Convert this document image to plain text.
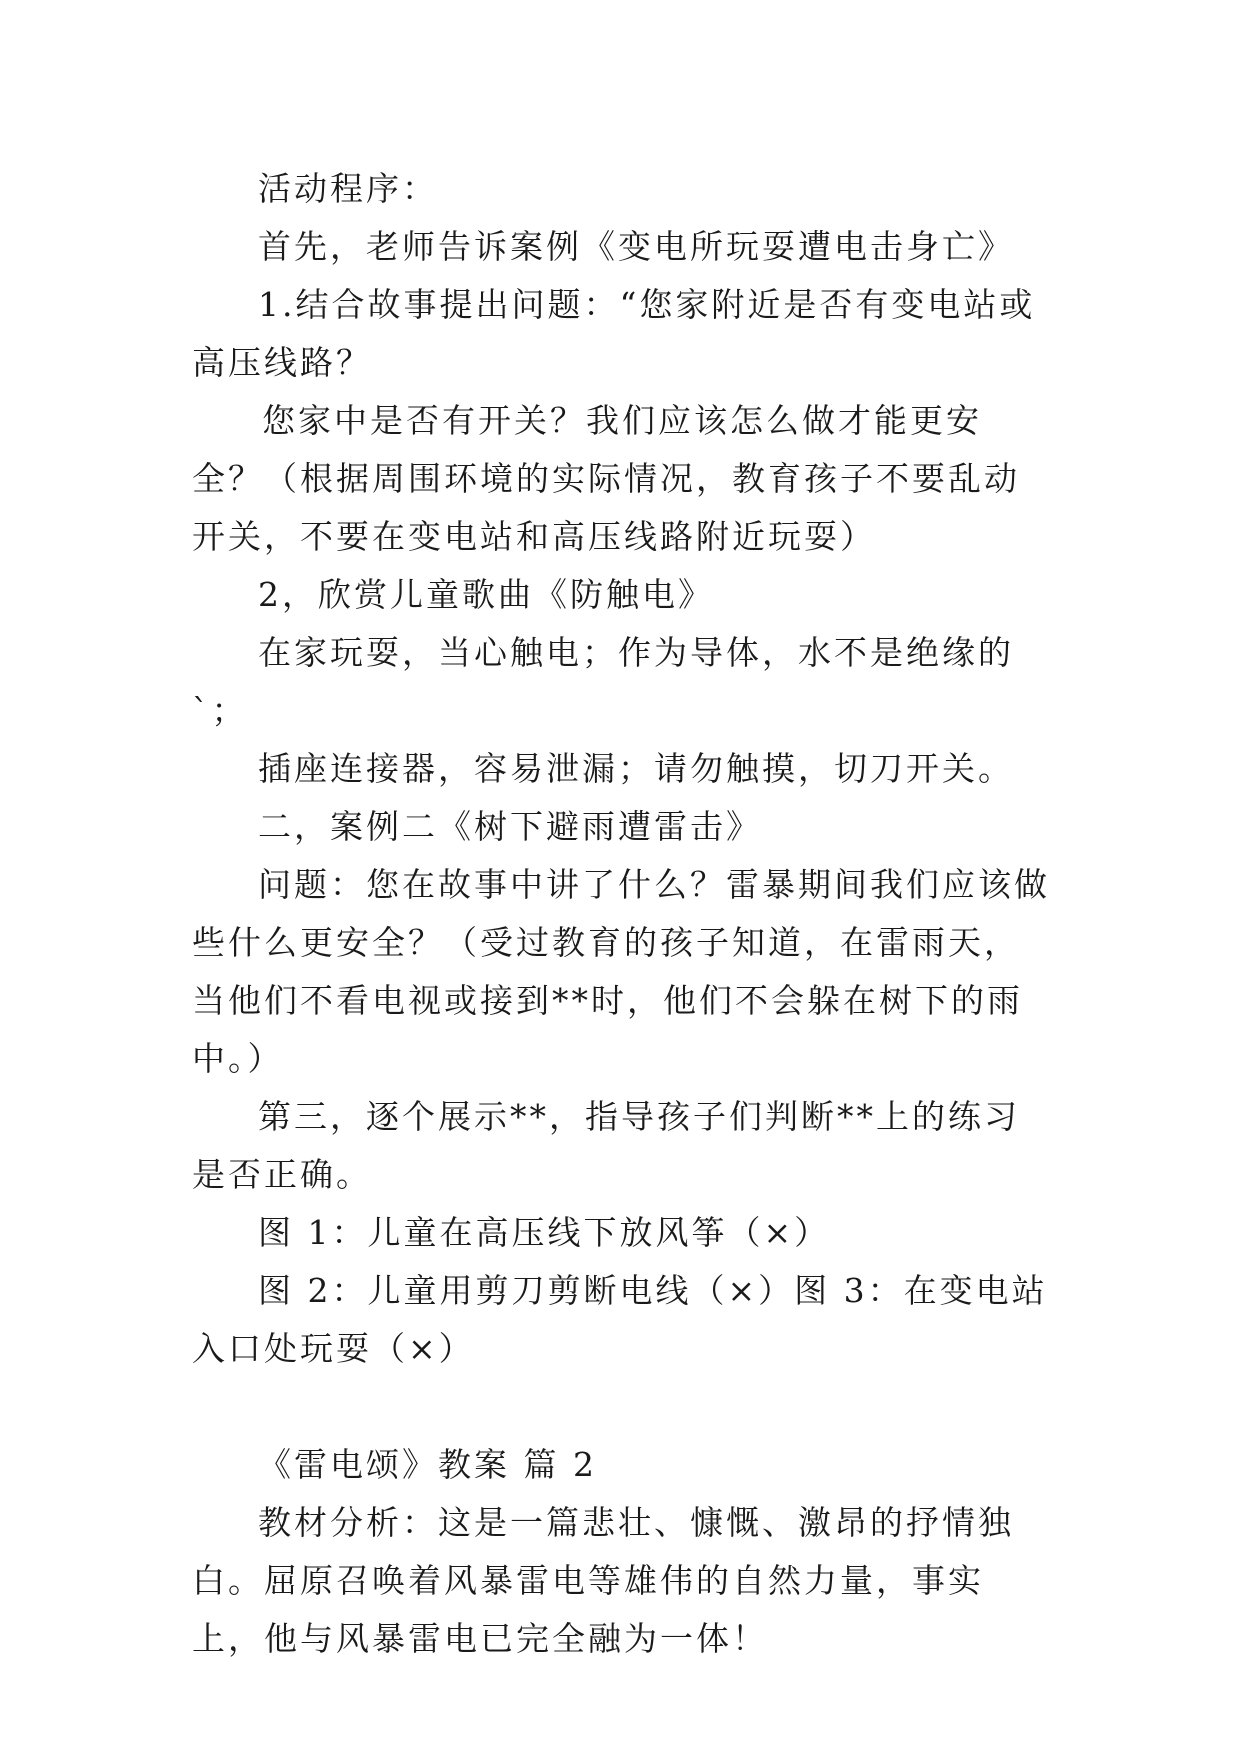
活动程序：

首先，老师告诉案例《变电所玩耍遭电击身亡》

1.结合故事提出问题：“您家附近是否有变电站或高压线路？

您家中是否有开关？我们应该怎么做才能更安全？（根据周围环境的实际情况，教育孩子不要乱动开关，不要在变电站和高压线路附近玩耍）

2，欣赏儿童歌曲《防触电》

在家玩耍，当心触电；作为导体，水不是绝缘的`；

插座连接器，容易泄漏；请勿触摸，切刀开关。

二，案例二《树下避雨遭雷击》

问题：您在故事中讲了什么？雷暴期间我们应该做些什么更安全？（受过教育的孩子知道，在雷雨天，当他们不看电视或接到**时，他们不会躲在树下的雨中。）

第三，逐个展示**，指导孩子们判断**上的练习是否正确。

图 1：儿童在高压线下放风筝（×）

图 2：儿童用剪刀剪断电线（×）图 3：在变电站入口处玩耍（×）

《雷电颂》教案 篇 2

教材分析：这是一篇悲壮、慷慨、激昂的抒情独白。屈原召唤着风暴雷电等雄伟的自然力量，事实上，他与风暴雷电已完全融为一体！
